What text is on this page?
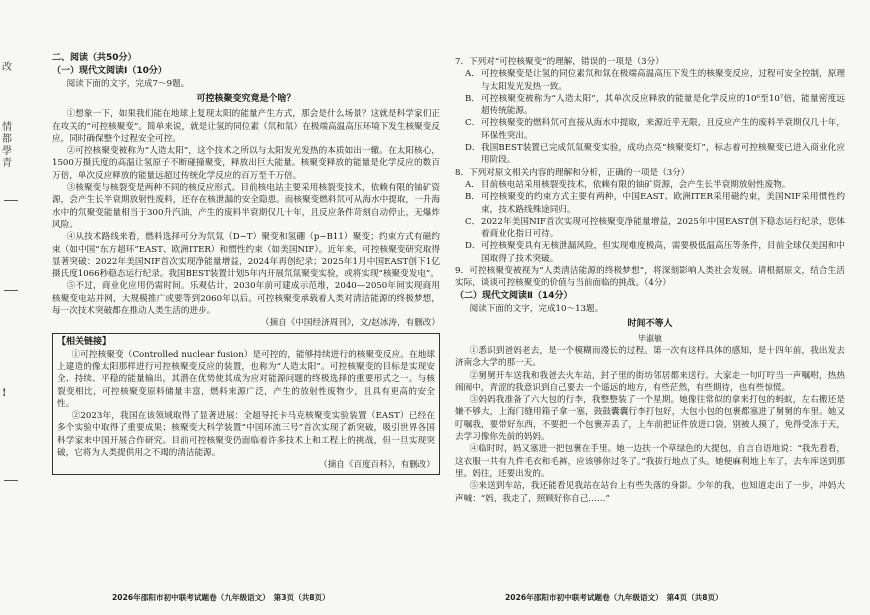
改
情
都
學
青
!

二、阅读（共50分）

（一）现代文阅读Ⅰ（10分）

阅读下面的文字，完成7～9题。

可控核聚变究竟是个啥？

①想象一下，如果我们能在地球上复现太阳的能量产生方式，那会是什么场景？这就是科学家们正在攻关的“可控核聚变”。简单来说，就是让氢的同位素（氘和氚）在极端高温高压环境下发生核聚变反应，同时确保整个过程安全可控。

②可控核聚变被称为“人造太阳”，这个技术之所以与太阳发光发热的本质如出一辙。在太阳核心，1500万摄氏度的高温让氢原子不断碰撞聚变，释放出巨大能量。核聚变释放的能量是化学反应的数百万倍，单次反应释放的能量远超过传统化学反应的百万至千万倍。

③核聚变与核裂变是两种不同的核反应形式。目前核电站主要采用核裂变技术，依赖有限的铀矿资源，会产生长半衰期放射性废料，还存在核泄漏的安全隐患。而核聚变燃料氘可从海水中提取，一升海水中的氘聚变能量相当于300升汽油，产生的废料半衰期仅几十年，且反应条件苛刻自动停止，无爆炸风险。

④从技术路线来看，燃料选择可分为氘氚（D−T）聚变和氢硼（p−B11）聚变；约束方式有磁约束（如中国“东方超环”EAST、欧洲ITER）和惯性约束（如美国NIF）。近年来，可控核聚变研究取得显著突破：2022年美国NIF首次实现净能量增益，2024年再创纪录；2025年1月中国EAST创下1亿摄氏度1066秒稳态运行纪录。我国BEST装置计划5年内开展氘氚聚变实验，或将实现“核聚变发电”。

⑤不过，商业化应用仍需时间。乐观估计，2030年前可建成示范堆，2040—2050年间实现商用核聚变电站并网，大规模推广或要等到2060年以后。可控核聚变承载着人类对清洁能源的终极梦想，每一次技术突破都在推动人类生活的进步。

（摘自《中国经济周刊》，文/赵冰涛，有删改）

【相关链接】

①可控核聚变（Controlled nuclear fusion）是可控的，能够持续进行的核聚变反应。在地球上建造的像太阳那样进行可控核聚变反应的装置，也称为“人造太阳”。可控核聚变的目标是实现安全、持续、平稳的能量输出，其潜在优势使其成为应对能源问题的终极选择的重要形式之一。与核裂变相比，可控核聚变原料储量丰富，燃料来源广泛，产生的放射性废物少，且具有更高的安全性。

②2023年，我国在该领域取得了显著进展：全超导托卡马克核聚变实验装置（EAST）已经在多个实验中取得了重要成果；核聚变大科学装置“中国环流三号”首次实现了新突破，吸引世界各国科学家来中国开展合作研究。目前可控核聚变仍面临着许多技术上和工程上的挑战，但一旦实现突破，它将为人类提供用之不竭的清洁能源。

（摘自《百度百科》，有删改）

2026年邵阳市初中联考试题卷（九年级语文）　第3页（共8页）

7．下列对“可控核聚变”的理解，错误的一项是（3分）

A． 可控核聚变是让氢的同位素氘和氚在极端高温高压下发生的核聚变反应，过程可安全控制，原理与太阳发光发热一致。
B． 可控核聚变被称为“人造太阳”，其单次反应释放的能量是化学反应的10⁶至10⁷倍，能量密度远超传统能源。
C． 可控核聚变的燃料氘可直接从海水中提取，来源近乎无限，且反应产生的废料半衰期仅几十年，环保性突出。
D． 我国BEST装置已完成氘氚聚变实验，成功点亮“核聚变灯”，标志着可控核聚变已进入商业化应用阶段。

8．下列对原文相关内容的理解和分析，正确的一项是（3分）

A． 目前核电站采用核裂变技术，依赖有限的铀矿资源，会产生长半衰期放射性废物。
B． 可控核聚变的约束方式主要有两种，中国EAST、欧洲ITER采用磁约束，美国NIF采用惯性约束，技术路线殊途同归。
C． 2022年美国NIF首次实现可控核聚变净能量增益，2025年中国EAST创下稳态运行纪录，您体着商业化指日可待。
D． 可控核聚变具有无核泄漏风险，但实现难度极高，需要极低温高压等条件，目前全球仅美国和中国取得了技术突破。

9．可控核聚变被视为“人类清洁能源的终极梦想”，将深刻影响人类社会发展。请根据原文，结合生活实际，谈谈可控核聚变的价值与当前面临的挑战。（4分）

（二）现代文阅读Ⅱ（14分）

阅读下面的文字，完成10～13题。

时间不等人

毕淑敏

①悉识到爸妈老去，是一个模糊而漫长的过程。第一次有这样具体的感知，是十四年前，我出发去济南念大学的那一天。

②舅舅开车送我和我爸去火车站，封子里的街坊邻居都来送行。大家走一句叮咛当一声嘱咐，热热闹闹中，青涩的我意识到自己要去一个遥远的地方，有些茫然，有些期待，也有些惊慌。

③妈妈我准备了六大包的行李，我整整装了一个星期。她像往常似的拿来打包的蚂蚁，左右搬还是嫌不够大，上海门缝用箱子拿一塞，鼓鼓囊囊行李打包好，大包小包的包裹都塞进了舅舅的车里。她又叮嘱我，要带好东西，不要把一个包裹弄丢了，上车前把证件放进口袋，别被人摸了，免得受冻于天，去学习像你先前的妈妈。

④临时时，妈又塞进一把包裹在手里。她一边扶一个草绿色的大提包，自言自语地说：“我先看看，这衣服一共有九件毛衣和毛裤，应该够你过冬了。”我拔行地点了头。她便麻利地上车了，去车库送到那里。妈往，还要出发的。

⑤来送到车站，我还能看见我站在站台上有些失落的身影。少年的我，也知道走出了一步，冲妈大声喊：“妈，我走了，照顾好你自己……”

2026年邵阳市初中联考试题卷（九年级语文）　第4页（共8页）
